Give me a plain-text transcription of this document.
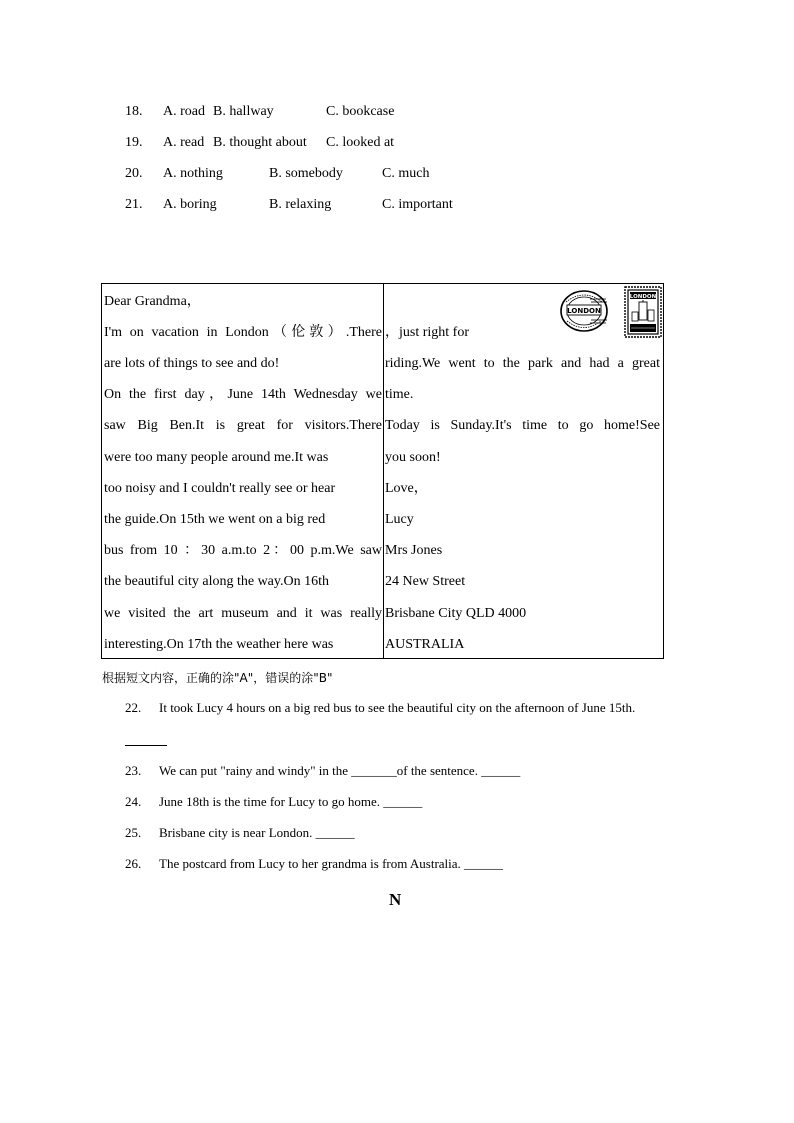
18. A. road B. hallway	C. bookcase
19. A. read B. thought about C. looked at
20. A. nothing	B. somebody	C. much
21. A. boring	B. relaxing	C. important
Dear Grandma，
I'm on vacation in London（伦敦）.There
are lots of things to see and do!
On the first day，June 14th Wednesday we
saw Big Ben.It is great for visitors.There
were too many people around me.It was
too noisy and I couldn't really see or hear
the guide.On 15th we went on a big red
bus from 10 ：30 a.m.to 2：00 p.m.We saw
the beautiful city along the way.On 16th
we visited the art museum and it was really
interesting.On 17th the weather here was
，just right for
riding.We went to the park and had a great
time.
Today is Sunday.It's time to go home!See
you soon!
Love，
Lucy
Mrs Jones
24 New Street
Brisbane City QLD 4000
AUSTRALIA
LONDON
LONDON
根据短文内容，正确的涂"A"，错误的涂"B"
22. It took Lucy 4 hours on a big red bus to see the beautiful city on the afternoon of June 15th.
23. We can put "rainy and windy" in the _______of the sentence. ______
24. June 18th is the time for Lucy to go home. ______
25. Brisbane city is near London. ______
26. The postcard from Lucy to her grandma is from Australia. ______
N
